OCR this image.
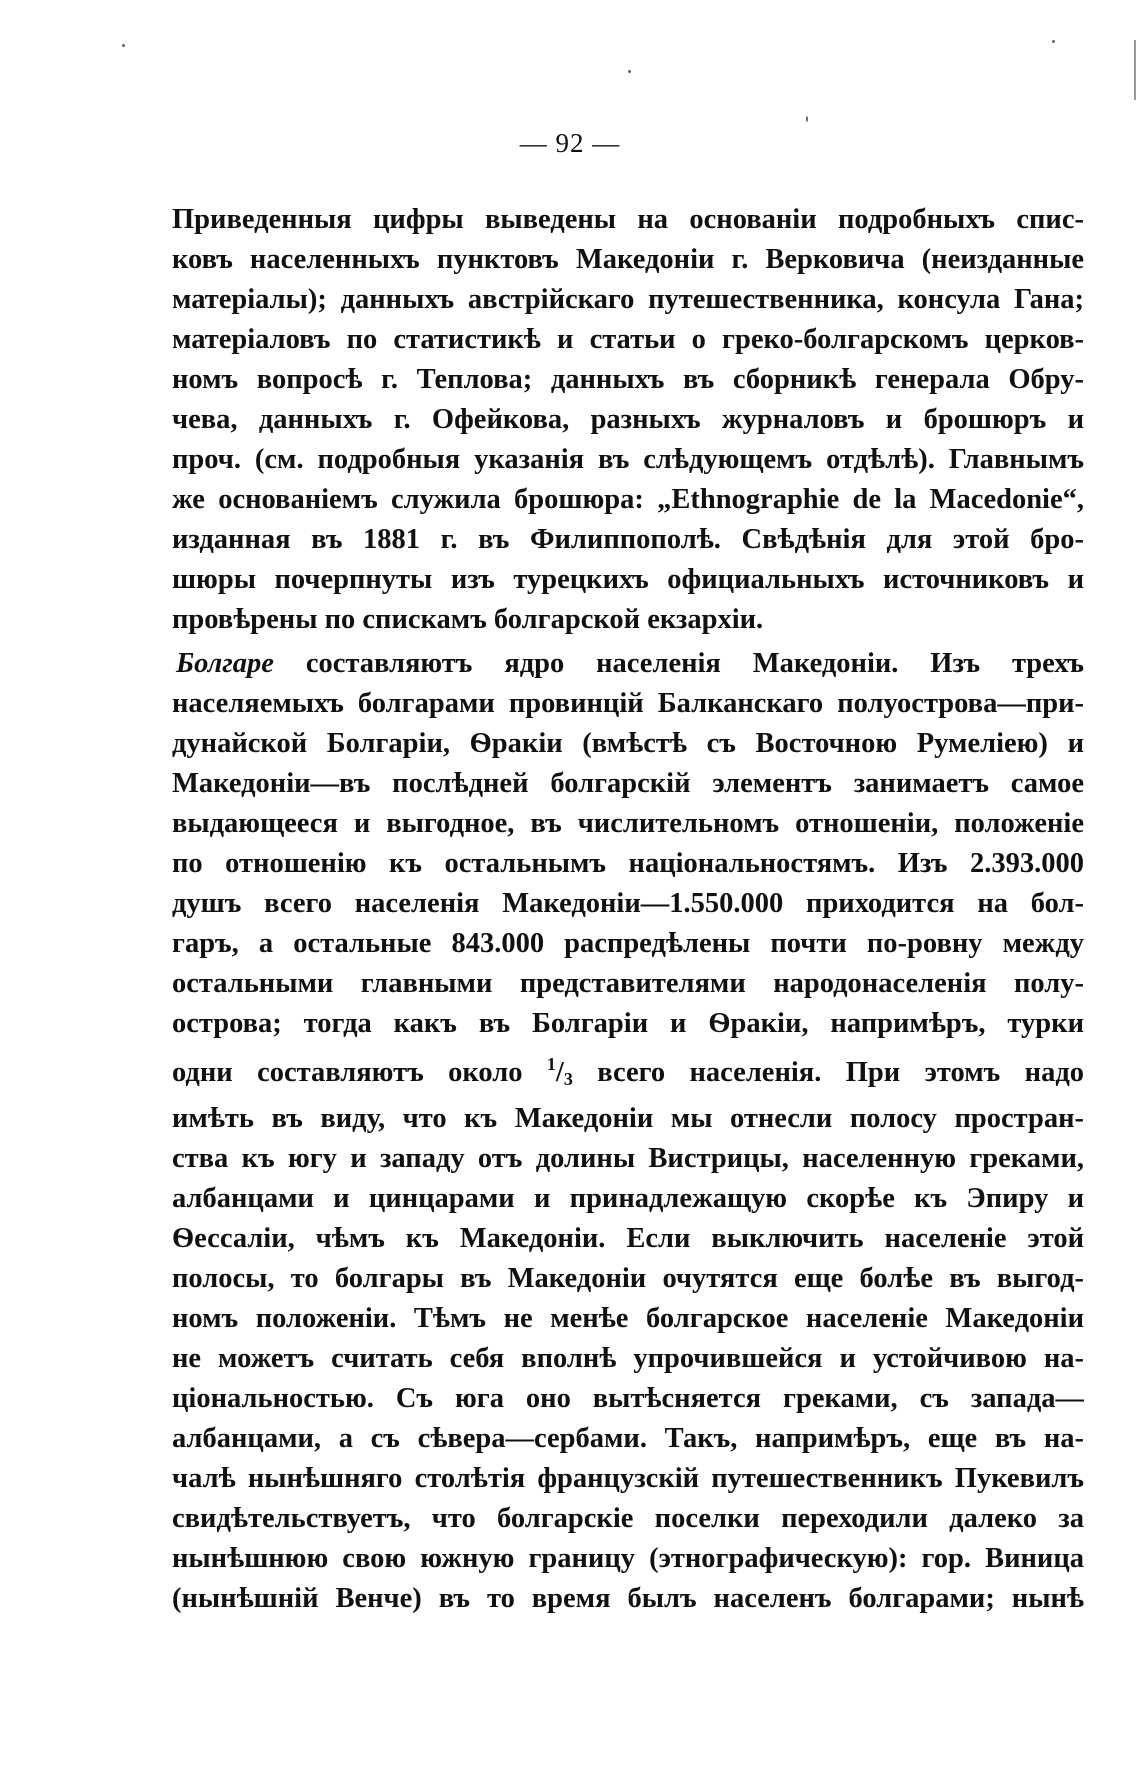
— 92 —
Приведенныя цифры выведены на основаніи подробныхъ спис-
ковъ населенныхъ пунктовъ Македоніи г. Верковича (неизданные
матеріалы); данныхъ австрійскаго путешественника, консула Гана;
матеріаловъ по статистикѣ и статьи о греко-болгарскомъ церков-
номъ вопросѣ г. Теплова; данныхъ въ сборникѣ генерала Обру-
чева, данныхъ г. Офейкова, разныхъ журналовъ и брошюръ и
проч. (см. подробныя указанія въ слѣдующемъ отдѣлѣ). Главнымъ
же основаніемъ служила брошюра: „Ethnographie de la Macedonie“,
изданная въ 1881 г. въ Филиппополѣ. Свѣдѣнія для этой бро-
шюры почерпнуты изъ турецкихъ официальныхъ источниковъ и
провѣрены по спискамъ болгарской екзархіи.
Болгаре составляютъ ядро населенія Македоніи. Изъ трехъ
населяемыхъ болгарами провинцій Балканскаго полуострова—при-
дунайской Болгаріи, Ѳракіи (вмѣстѣ съ Восточною Румеліею) и
Македоніи—въ послѣдней болгарскій элементъ занимаетъ самое
выдающееся и выгодное, въ числительномъ отношеніи, положеніе
по отношенію къ остальнымъ національностямъ. Изъ 2.393.000
душъ всего населенія Македоніи—1.550.000 приходится на бол-
гаръ, а остальные 843.000 распредѣлены почти по-ровну между
остальными главными представителями народонаселенія полу-
острова; тогда какъ въ Болгаріи и Ѳракіи, напримѣръ, турки
одни составляютъ около $^1$/3 всего населенія. При этомъ надо
имѣть въ виду, что къ Македоніи мы отнесли полосу простран-
ства къ югу и западу отъ долины Вистрицы, населенную греками,
албанцами и цинцарами и принадлежащую скорѣе къ Эпиру и
Ѳессаліи, чѣмъ къ Македоніи. Если выключить населеніе этой
полосы, то болгары въ Македоніи очутятся еще болѣе въ выгод-
номъ положеніи. Тѣмъ не менѣе болгарское населеніе Македоніи
не можетъ считать себя вполнѣ упрочившейся и устойчивою на-
ціональностью. Съ юга оно вытѣсняется греками, съ запада—
албанцами, а съ сѣвера—сербами. Такъ, напримѣръ, еще въ на-
чалѣ нынѣшняго столѣтія французскій путешественникъ Пукевилъ
свидѣтельствуетъ, что болгарскіе поселки переходили далеко за
нынѣшнюю свою южную границу (этнографическую): гор. Виница
(нынѣшній Венче) въ то время былъ населенъ болгарами; нынѣ
